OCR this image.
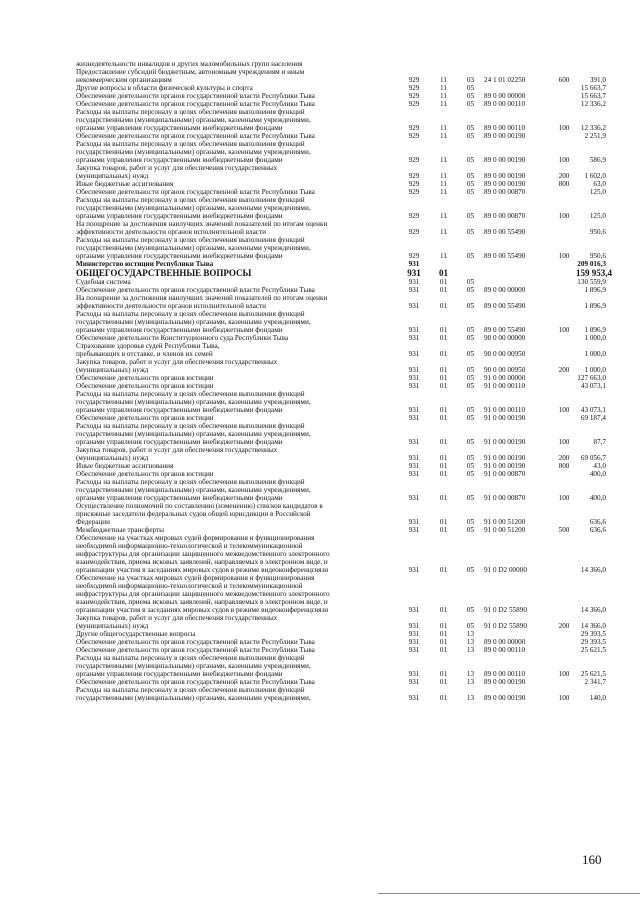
жизнедеятельности инвалидов и других маломобильных групп населения						
Предоставление субсидий бюджетным, автономным учреждениям и иным
некоммерческим организациям	929	11	03	24 1 01 02250	600	391,0
Другие вопросы в области физической культуры и спорта	929	11	05			15 663,7
Обеспечение деятельности органов государственной власти Республики Тыва	929	11	05	89 0 00 00000		15 663,7
Обеспечение деятельности органов государственной власти Республики Тыва	929	11	05	89 0 00 00110		12 336,2
Расходы на выплаты персоналу в целях обеспечения выполнения функций
государственными (муниципальными) органами, казенными учреждениями,
органами управления государственными внебюджетными фондами	929	11	05	89 0 00 00110	100	12 336,2
Обеспечение деятельности органов государственной власти Республики Тыва	929	11	05	89 0 00 00190		2 251,9
Расходы на выплаты персоналу в целях обеспечения выполнения функций
государственными (муниципальными) органами, казенными учреждениями,
органами управления государственными внебюджетными фондами	929	11	05	89 0 00 00190	100	586,9
Закупка товаров, работ и услуг для обеспечения государственных
(муниципальных) нужд	929	11	05	89 0 00 00190	200	1 602,0
Иные бюджетные ассигнования	929	11	05	89 0 00 00190	800	63,0
Обеспечение деятельности органов государственной власти Республики Тыва	929	11	05	89 0 00 00870		125,0
Расходы на выплаты персоналу в целях обеспечения выполнения функций
государственными (муниципальными) органами, казенными учреждениями,
органами управления государственными внебюджетными фондами	929	11	05	89 0 00 00870	100	125,0
На поощрение за достижения наилучших значений показателей по итогам оценки
эффективности деятельности органов исполнительной власти	929	11	05	89 0 00 55490		950,6
Расходы на выплаты персоналу в целях обеспечения выполнения функций
государственными (муниципальными) органами, казенными учреждениями,
органами управления государственными внебюджетными фондами	929	11	05	89 0 00 55490	100	950,6
Министерство юстиции Республики Тыва	931					209 016,3
ОБЩЕГОСУДАРСТВЕННЫЕ ВОПРОСЫ	931	01				159 953,4
Судебная система	931	01	05			130 559,9
Обеспечение деятельности органов государственной власти Республики Тыва	931	01	05	89 0 00 00000		1 896,9
На поощрение за достижения наилучших значений показателей по итогам оценки
эффективности деятельности органов исполнительной власти	931	01	05	89 0 00 55490		1 896,9
Расходы на выплаты персоналу в целях обеспечения выполнения функций
государственными (муниципальными) органами, казенными учреждениями,
органами управления государственными внебюджетными фондами	931	01	05	89 0 00 55490	100	1 896,9
Обеспечение деятельности Конституционного суда Республики Тыва	931	01	05	90 0 00 00000		1 000,0
Страхование здоровья судей Республики Тыва,
пребывающих в отставке, и членов их семей	931	01	05	90 0 00 00950		1 000,0
Закупка товаров, работ и услуг для обеспечения государственных
(муниципальных) нужд	931	01	05	90 0 00 00950	200	1 000,0
Обеспечение деятельности органов юстиции	931	01	05	91 0 00 00000		127 663,0
Обеспечение деятельности органов юстиции	931	01	05	91 0 00 00110		43 073,1
Расходы на выплаты персоналу в целях обеспечения выполнения функций
государственными (муниципальными) органами, казенными учреждениями,
органами управления государственными внебюджетными фондами	931	01	05	91 0 00 00110	100	43 073,1
Обеспечение деятельности органов юстиции	931	01	05	91 0 00 00190		69 187,4
Расходы на выплаты персоналу в целях обеспечения выполнения функций
государственными (муниципальными) органами, казенными учреждениями,
органами управления государственными внебюджетными фондами	931	01	05	91 0 00 00190	100	87,7
Закупка товаров, работ и услуг для обеспечения государственных
(муниципальных) нужд	931	01	05	91 0 00 00190	200	69 056,7
Иные бюджетные ассигнования	931	01	05	91 0 00 00190	800	43,0
Обеспечение деятельности органов юстиции	931	01	05	91 0 00 00870		400,0
Расходы на выплаты персоналу в целях обеспечения выполнения функций
государственными (муниципальными) органами, казенными учреждениями,
органами управления государственными внебюджетными фондами	931	01	05	91 0 00 00870	100	400,0
Осуществление полномочий по составлению (изменению) списков кандидатов в
присяжные заседатели федеральных судов общей юрисдикции в Российской
Федерации	931	01	05	91 0 00 51200		636,6
Межбюджетные трансферты	931	01	05	91 0 00 51200	500	636,6
Обеспечение на участках мировых судей формирования и функционирования
необходимой информационно-технологической и телекоммуникационной
инфраструктуры для организации защищенного межведомственного электронного
взаимодействия, приема исковых заявлений, направляемых в электронном виде, и
организации участия в заседаниях мировых судов в режиме видеоконференцсвязи	931	01	05	91 0 D2 00000		14 366,0
Обеспечение на участках мировых судей формирования и функционирования
необходимой информационно-технологической и телекоммуникационной
инфраструктуры для организации защищенного межведомственного электронного
взаимодействия, приема исковых заявлений, направляемых в электронном виде, и
организации участия в заседаниях мировых судов в режиме видеоконференцсвязи	931	01	05	91 0 D2 55890		14 366,0
Закупка товаров, работ и услуг для обеспечения государственных
(муниципальных) нужд	931	01	05	91 0 D2 55890	200	14 366,0
Другие общегосударственные вопросы	931	01	13			29 393,5
Обеспечение деятельности органов государственной власти Республики Тыва	931	01	13	89 0 00 00000		29 393,5
Обеспечение деятельности органов государственной власти Республики Тыва	931	01	13	89 0 00 00110		25 621,5
Расходы на выплаты персоналу в целях обеспечения выполнения функций
государственными (муниципальными) органами, казенными учреждениями,
органами управления государственными внебюджетными фондами	931	01	13	89 0 00 00110	100	25 621,5
Обеспечение деятельности органов государственной власти Республики Тыва	931	01	13	89 0 00 00190		2 341,7
Расходы на выплаты персоналу в целях обеспечения выполнения функций
государственными (муниципальными) органами, казенными учреждениями,	931	01	13	89 0 00 00190	100	140,0
160
